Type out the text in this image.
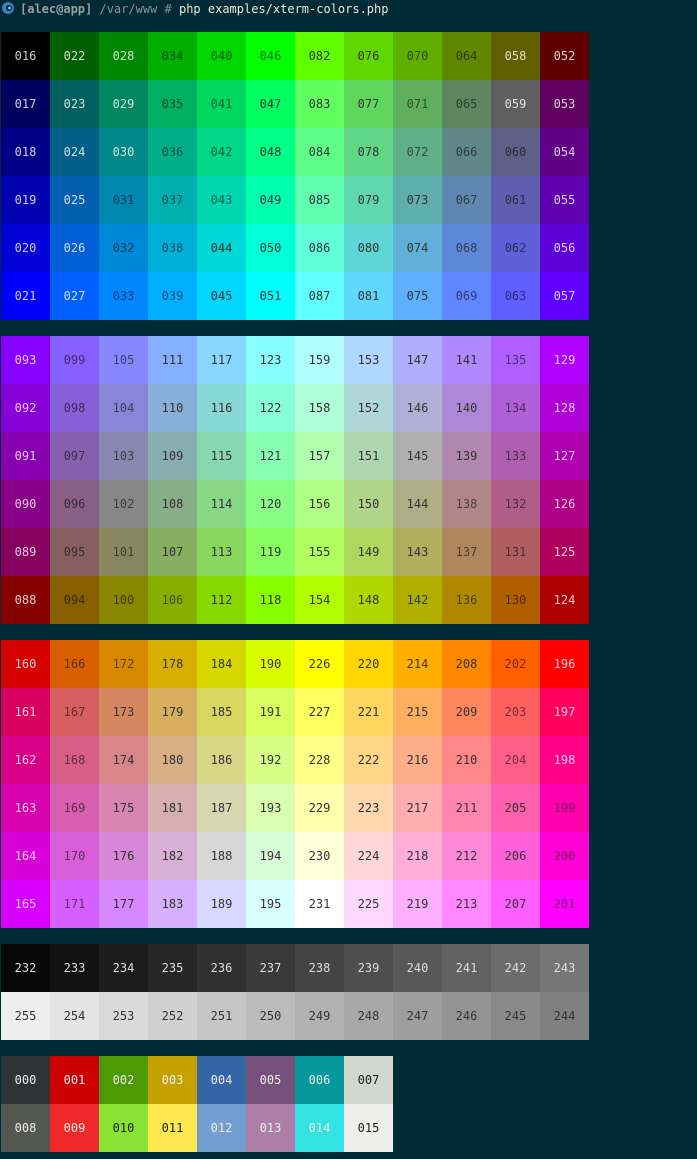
[alec@app] /var/www # php examples/xterm-colors.php
016	022	028	034	040	046	082	076	070	064	058	052
017	023	029	035	041	047	083	077	071	065	059	053
018	024	030	036	042	048	084	078	072	066	060	054
019	025	031	037	043	049	085	079	073	067	061	055
020	026	032	038	044	050	086	080	074	068	062	056
021	027	033	039	045	051	087	081	075	069	063	057
093	099	105	111	117	123	159	153	147	141	135	129
092	098	104	110	116	122	158	152	146	140	134	128
091	097	103	109	115	121	157	151	145	139	133	127
090	096	102	108	114	120	156	150	144	138	132	126
089	095	101	107	113	119	155	149	143	137	131	125
088	094	100	106	112	118	154	148	142	136	130	124
160	166	172	178	184	190	226	220	214	208	202	196
161	167	173	179	185	191	227	221	215	209	203	197
162	168	174	180	186	192	228	222	216	210	204	198
163	169	175	181	187	193	229	223	217	211	205	199
164	170	176	182	188	194	230	224	218	212	206	200
165	171	177	183	189	195	231	225	219	213	207	201
232	233	234	235	236	237	238	239	240	241	242	243
255	254	253	252	251	250	249	248	247	246	245	244
000	001	002	003	004	005	006	007
008	009	010	011	012	013	014	015
